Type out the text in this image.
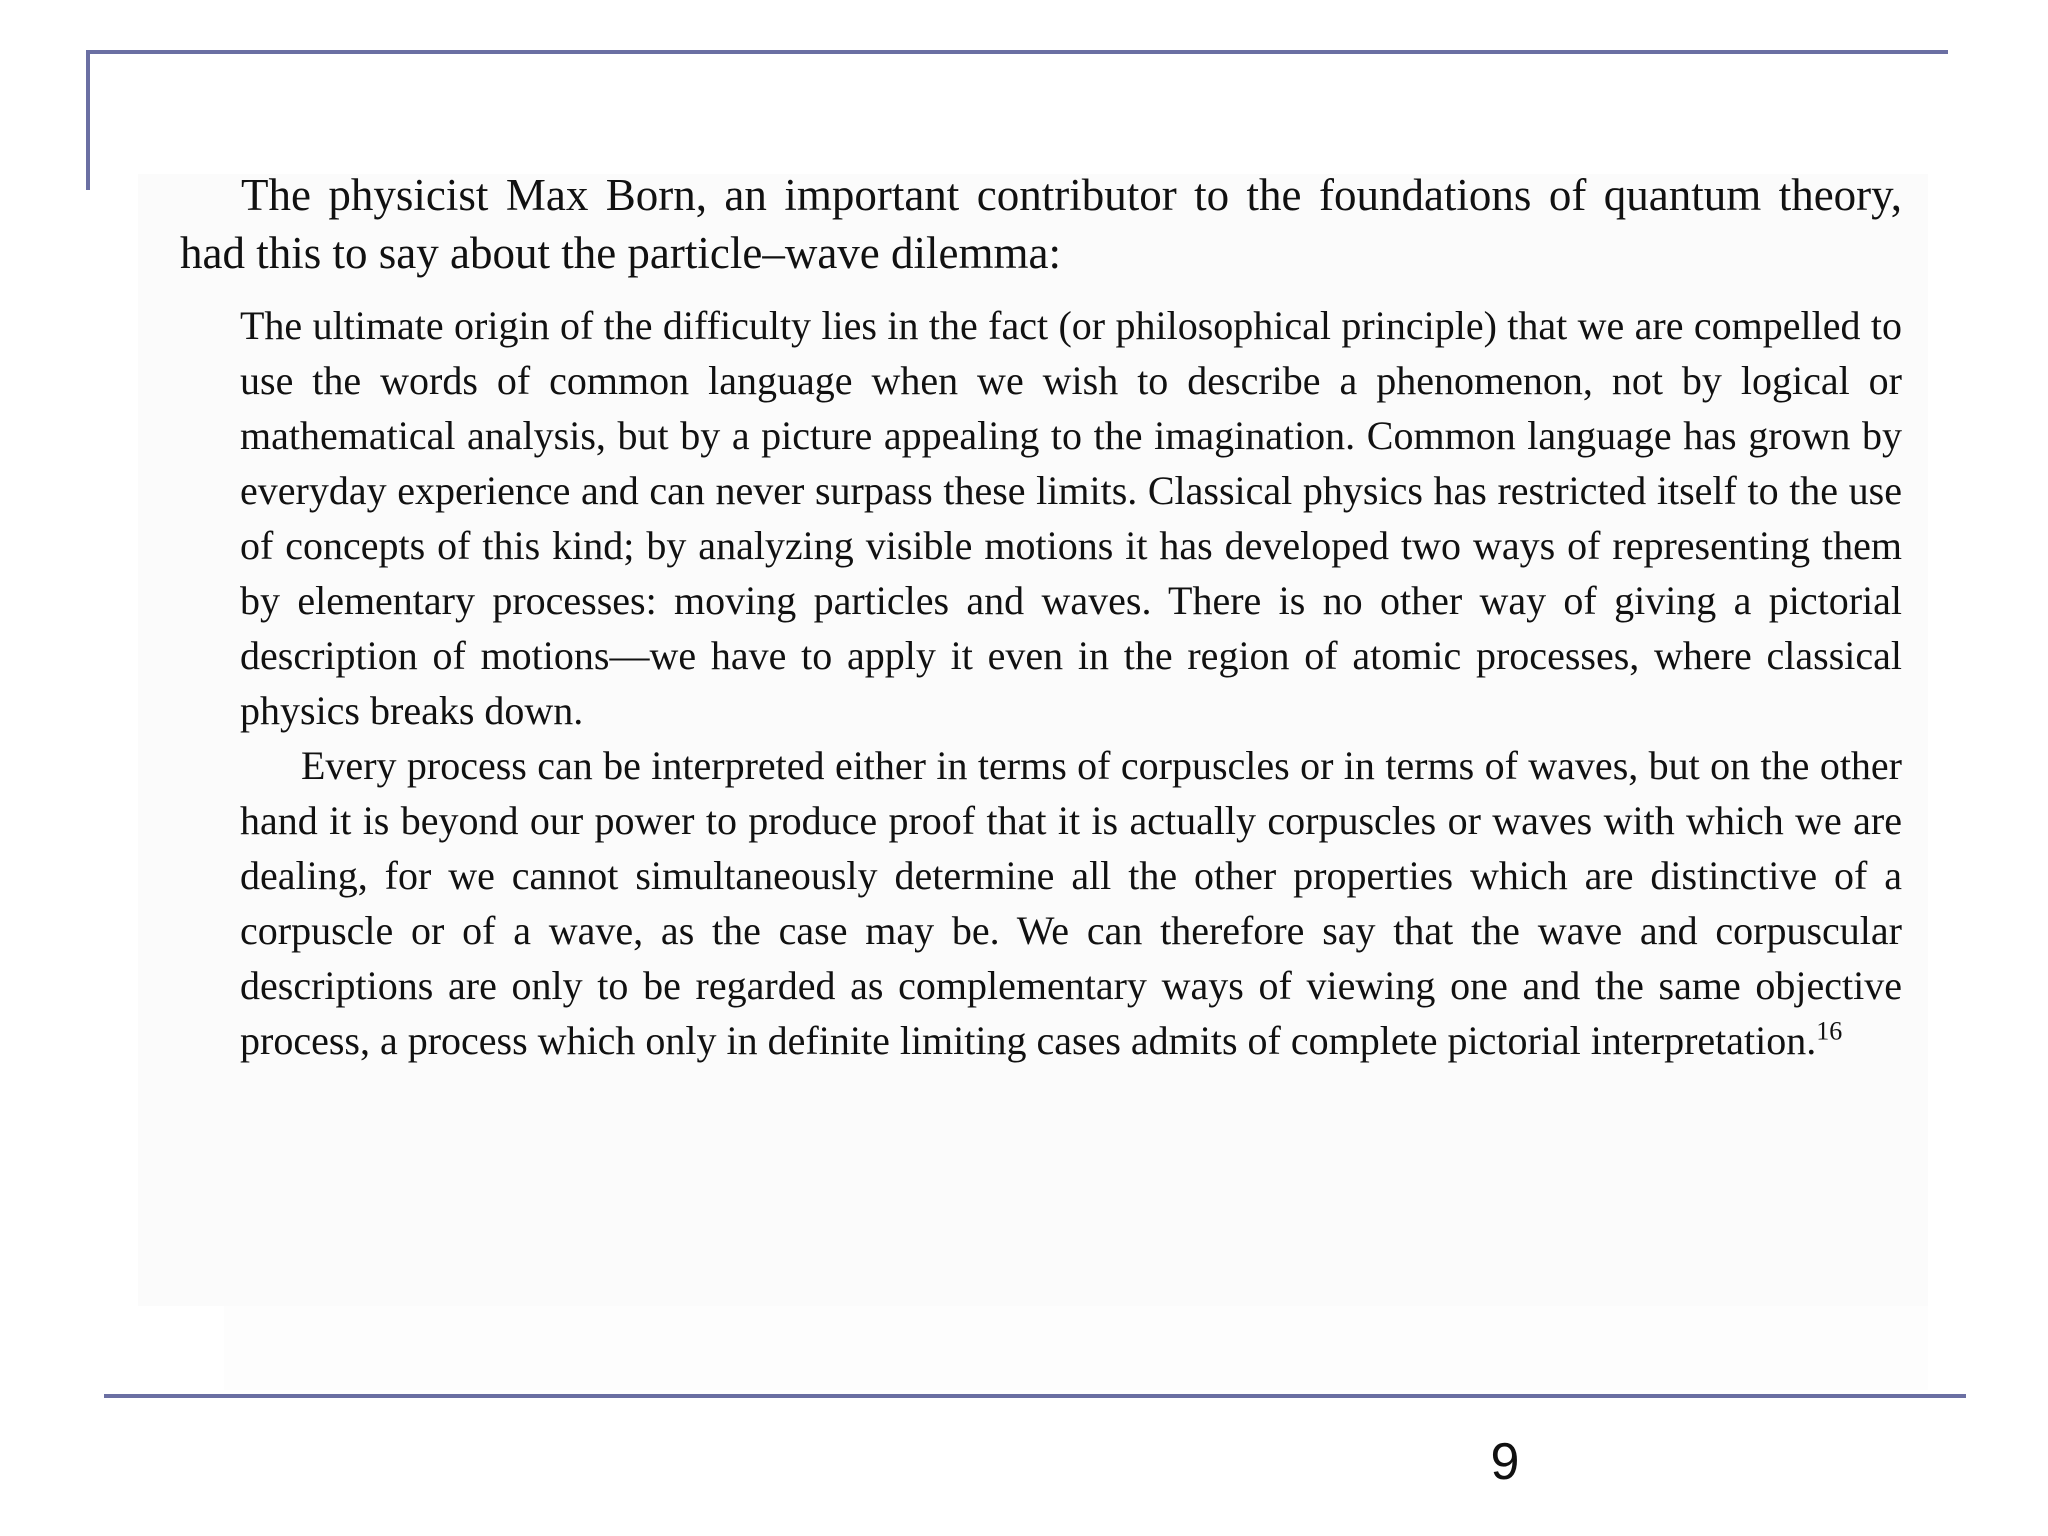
The physicist Max Born, an important contributor to the foundations of quantum theory, had this to say about the particle–wave dilemma:

The ultimate origin of the difficulty lies in the fact (or philosophical principle) that we are compelled to use the words of common language when we wish to describe a phenomenon, not by logical or mathematical analysis, but by a picture appealing to the imagination. Common language has grown by everyday experience and can never surpass these limits. Classical physics has restricted itself to the use of concepts of this kind; by analyzing visible motions it has developed two ways of representing them by elementary processes: moving particles and waves. There is no other way of giving a pictorial description of motions—we have to apply it even in the region of atomic processes, where classical physics breaks down.

Every process can be interpreted either in terms of corpuscles or in terms of waves, but on the other hand it is beyond our power to produce proof that it is actually corpuscles or waves with which we are dealing, for we cannot simultaneously determine all the other properties which are distinctive of a corpuscle or of a wave, as the case may be. We can therefore say that the wave and corpuscular descriptions are only to be regarded as complementary ways of viewing one and the same objective process, a process which only in definite limiting cases admits of complete pictorial interpretation.$^{16}$

9
